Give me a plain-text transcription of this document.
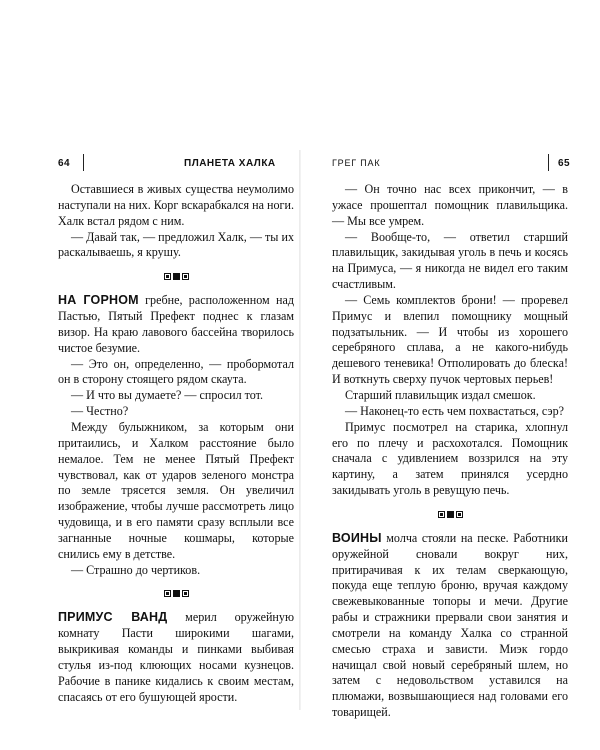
64	ПЛАНЕТА ХАЛКА

Оставшиеся в живых существа неумолимо наступали на них. Корг вскарабкался на ноги. Халк встал рядом с ним.

— Давай так, — предложил Халк, — ты их раскалываешь, я крушу.

НА ГОРНОМ гребне, расположенном над Пастью, Пятый Префект поднес к глазам визор. На краю лавового бассейна творилось чистое безумие.

— Это он, определенно, — пробормотал он в сторону стоящего рядом скаута.

— И что вы думаете? — спросил тот.

— Честно?

Между булыжником, за которым они притаились, и Халком расстояние было немалое. Тем не менее Пятый Префект чувствовал, как от ударов зеленого монстра по земле трясется земля. Он увеличил изображение, чтобы лучше рассмотреть лицо чудовища, и в его памяти сразу всплыли все загнанные ночные кошмары, которые снились ему в детстве.

— Страшно до чертиков.

ПРИМУС ВАНД мерил оружейную комнату Пасти широкими шагами, выкрикивая команды и пинками выбивая стулья из-под клюющих носами кузнецов. Рабочие в панике кидались к своим местам, спасаясь от его бушующей ярости.

ГРЕГ ПАК	65

— Он точно нас всех прикончит, — в ужасе прошептал помощник плавильщика. — Мы все умрем.

— Вообще-то, — ответил старший плавильщик, закидывая уголь в печь и косясь на Примуса, — я никогда не видел его таким счастливым.

— Семь комплектов брони! — проревел Примус и влепил помощнику мощный подзатыльник. — И чтобы из хорошего серебряного сплава, а не какого-нибудь дешевого теневика! Отполировать до блеска! И воткнуть сверху пучок чертовых перьев!

Старший плавильщик издал смешок.

— Наконец-то есть чем похвастаться, сэр?

Примус посмотрел на старика, хлопнул его по плечу и расхохотался. Помощник сначала с удивлением воззрился на эту картину, а затем принялся усердно закидывать уголь в ревущую печь.

ВОИНЫ молча стояли на песке. Работники оружейной сновали вокруг них, притирачивая к их телам сверкающую, покуда еще теплую броню, вручая каждому свежевыкованные топоры и мечи. Другие рабы и стражники прервали свои занятия и смотрели на команду Халка со странной смесью страха и зависти. Миэк гордо начищал свой новый серебряный шлем, но затем с недовольством уставился на плюмажи, возвышающиеся над головами его товарищей.
